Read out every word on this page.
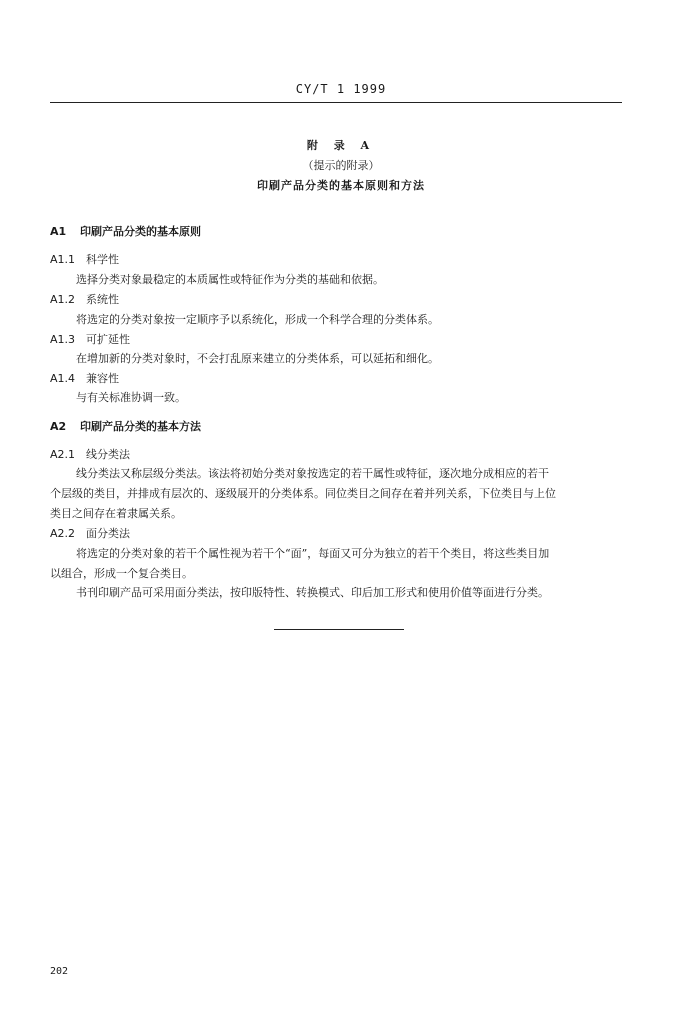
CY/T 1 1999
附 录 A
（提示的附录）
印刷产品分类的基本原则和方法
A1 印刷产品分类的基本原则
A1.1 科学性
选择分类对象最稳定的本质属性或特征作为分类的基础和依据。
A1.2 系统性
将选定的分类对象按一定顺序予以系统化，形成一个科学合理的分类体系。
A1.3 可扩延性
在增加新的分类对象时，不会打乱原来建立的分类体系，可以延拓和细化。
A1.4 兼容性
与有关标准协调一致。
A2 印刷产品分类的基本方法
A2.1 线分类法
线分类法又称层级分类法。该法将初始分类对象按选定的若干属性或特征，逐次地分成相应的若干
个层级的类目，并排成有层次的、逐级展开的分类体系。同位类目之间存在着并列关系，下位类目与上位
类目之间存在着隶属关系。
A2.2 面分类法
将选定的分类对象的若干个属性视为若干个“面”，每面又可分为独立的若干个类目，将这些类目加
以组合，形成一个复合类目。
书刊印刷产品可采用面分类法，按印版特性、转换模式、印后加工形式和使用价值等面进行分类。
202
